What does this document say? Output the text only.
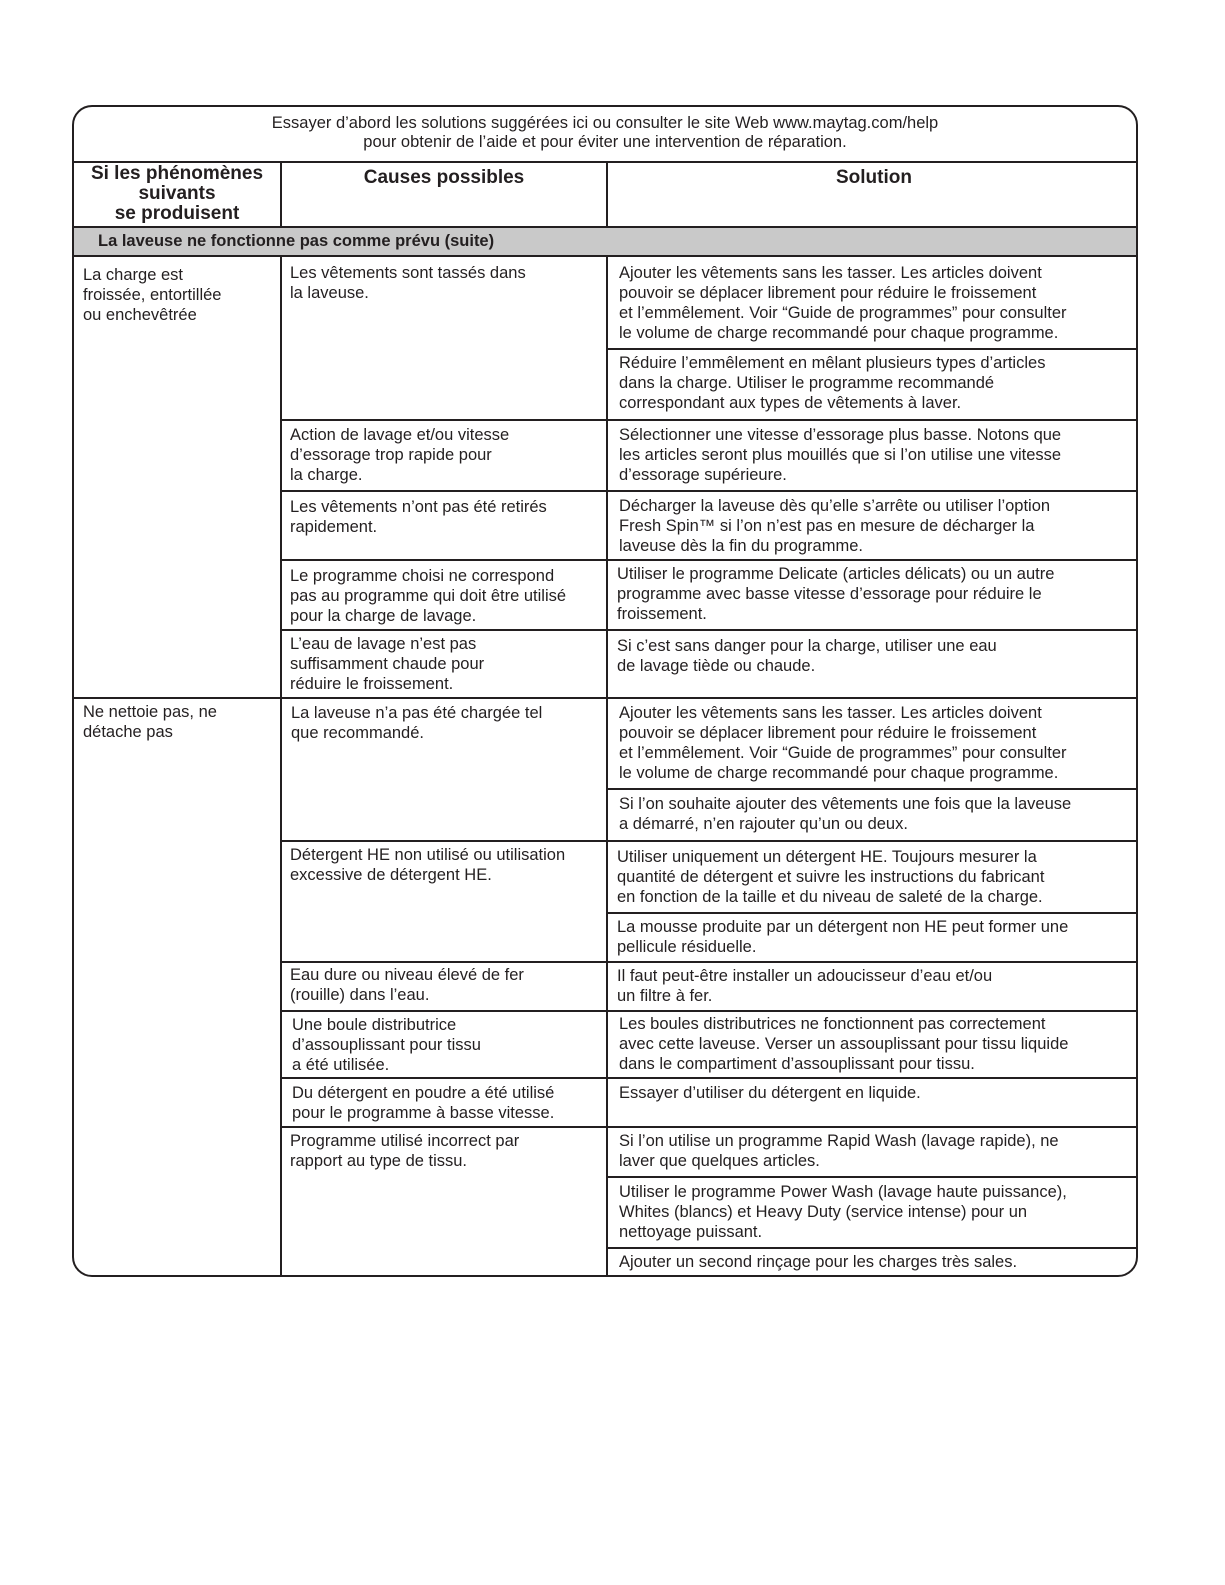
Essayer d’abord les solutions suggérées ici ou consulter le site Web www.maytag.com/help
pour obtenir de l’aide et pour éviter une intervention de réparation.
La laveuse ne fonctionne pas comme prévu (suite)
Si les phénomènes
suivants
se produisent
Causes possibles	Solution
La charge est
froissée, entortillée
ou enchevêtrée
Ne nettoie pas, ne
détache pas
Les vêtements sont tassés dans
la laveuse.
Action de lavage et/ou vitesse
d’essorage trop rapide pour
la charge.
Les vêtements n’ont pas été retirés
rapidement.
Le programme choisi ne correspond
pas au programme qui doit être utilisé
pour la charge de lavage.
L’eau de lavage n’est pas
suffisamment chaude pour
réduire le froissement.
La laveuse n’a pas été chargée tel
que recommandé.
Détergent HE non utilisé ou utilisation
excessive de détergent HE.
Eau dure ou niveau élevé de fer
(rouille) dans l’eau.
Une boule distributrice
d’assouplissant pour tissu
a été utilisée.
Du détergent en poudre a été utilisé
pour le programme à basse vitesse.
Programme utilisé incorrect par
rapport au type de tissu.
Ajouter les vêtements sans les tasser. Les articles doivent
pouvoir se déplacer librement pour réduire le froissement
et l’emmêlement. Voir “Guide de programmes” pour consulter
le volume de charge recommandé pour chaque programme.
Réduire l’emmêlement en mêlant plusieurs types d’articles
dans la charge. Utiliser le programme recommandé
correspondant aux types de vêtements à laver.
Sélectionner une vitesse d’essorage plus basse. Notons que
les articles seront plus mouillés que si l’on utilise une vitesse
d’essorage supérieure.
Décharger la laveuse dès qu’elle s’arrête ou utiliser l’option
Fresh Spin™ si l’on n’est pas en mesure de décharger la
laveuse dès la fin du programme.
Utiliser le programme Delicate (articles délicats) ou un autre
programme avec basse vitesse d’essorage pour réduire le
froissement.
Si c’est sans danger pour la charge, utiliser une eau
de lavage tiède ou chaude.
Ajouter les vêtements sans les tasser. Les articles doivent
pouvoir se déplacer librement pour réduire le froissement
et l’emmêlement. Voir “Guide de programmes” pour consulter
le volume de charge recommandé pour chaque programme.
Si l’on souhaite ajouter des vêtements une fois que la laveuse
a démarré, n’en rajouter qu’un ou deux.
Utiliser uniquement un détergent HE. Toujours mesurer la
quantité de détergent et suivre les instructions du fabricant
en fonction de la taille et du niveau de saleté de la charge.
La mousse produite par un détergent non HE peut former une
pellicule résiduelle.
Il faut peut-être installer un adoucisseur d’eau et/ou
un filtre à fer.
Les boules distributrices ne fonctionnent pas correctement
avec cette laveuse. Verser un assouplissant pour tissu liquide
dans le compartiment d’assouplissant pour tissu.
Essayer d’utiliser du détergent en liquide.
Si l’on utilise un programme Rapid Wash (lavage rapide), ne
laver que quelques articles.
Utiliser le programme Power Wash (lavage haute puissance),
Whites (blancs) et Heavy Duty (service intense) pour un
nettoyage puissant.
Ajouter un second rinçage pour les charges très sales.
